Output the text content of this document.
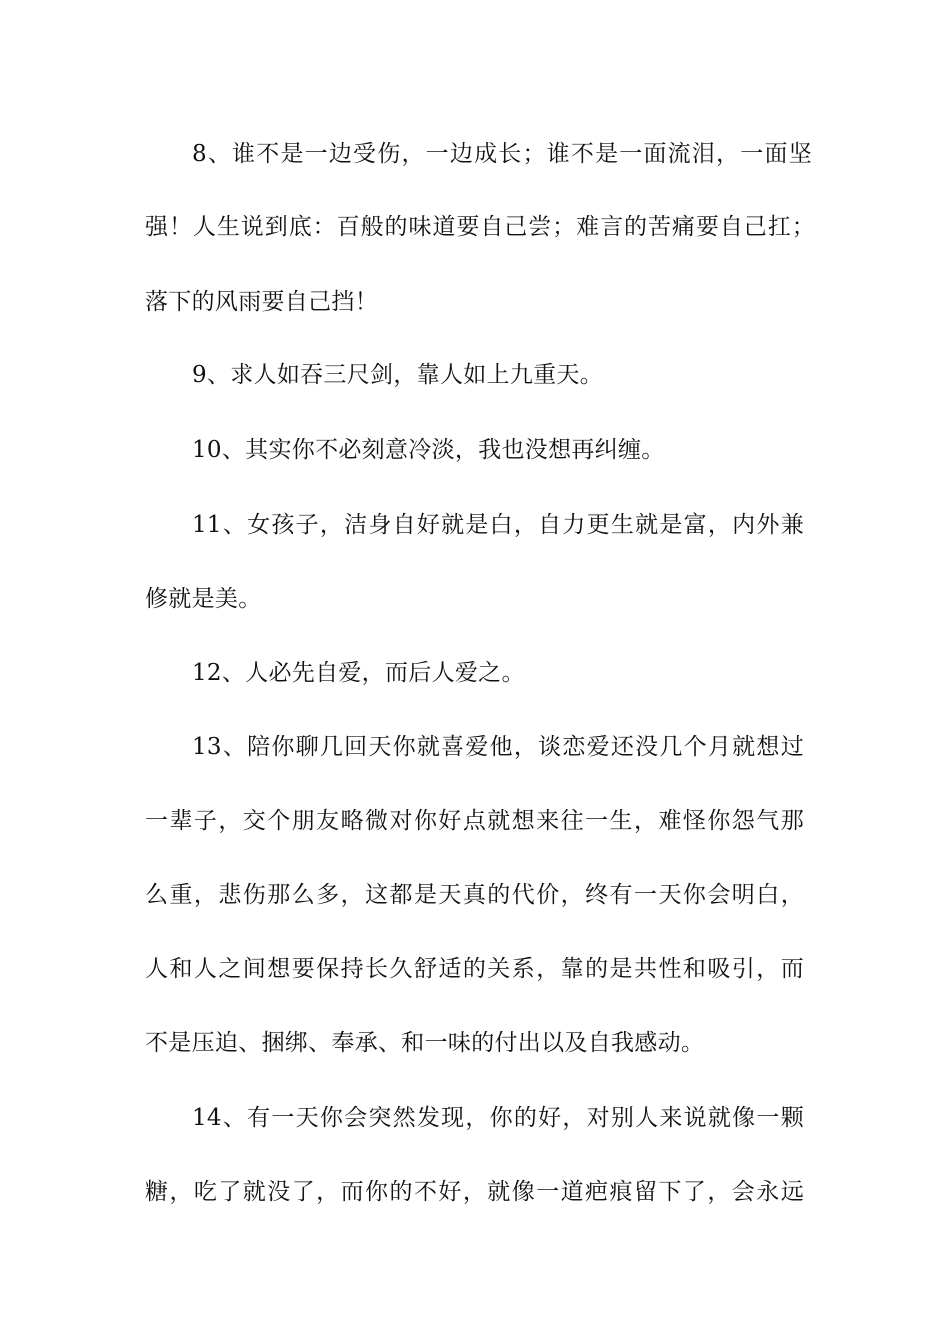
8、谁不是一边受伤，一边成长；谁不是一面流泪，一面坚
强！人生说到底：百般的味道要自己尝；难言的苦痛要自己扛；
落下的风雨要自己挡！
9、求人如吞三尺剑，靠人如上九重天。
10、其实你不必刻意冷淡，我也没想再纠缠。
11、女孩子，洁身自好就是白，自力更生就是富，内外兼
修就是美。
12、人必先自爱，而后人爱之。
13、陪你聊几回天你就喜爱他，谈恋爱还没几个月就想过
一辈子，交个朋友略微对你好点就想来往一生，难怪你怨气那
么重，悲伤那么多，这都是天真的代价，终有一天你会明白，
人和人之间想要保持长久舒适的关系，靠的是共性和吸引，而
不是压迫、捆绑、奉承、和一味的付出以及自我感动。
14、有一天你会突然发现，你的好，对别人来说就像一颗
糖，吃了就没了，而你的不好，就像一道疤痕留下了，会永远
